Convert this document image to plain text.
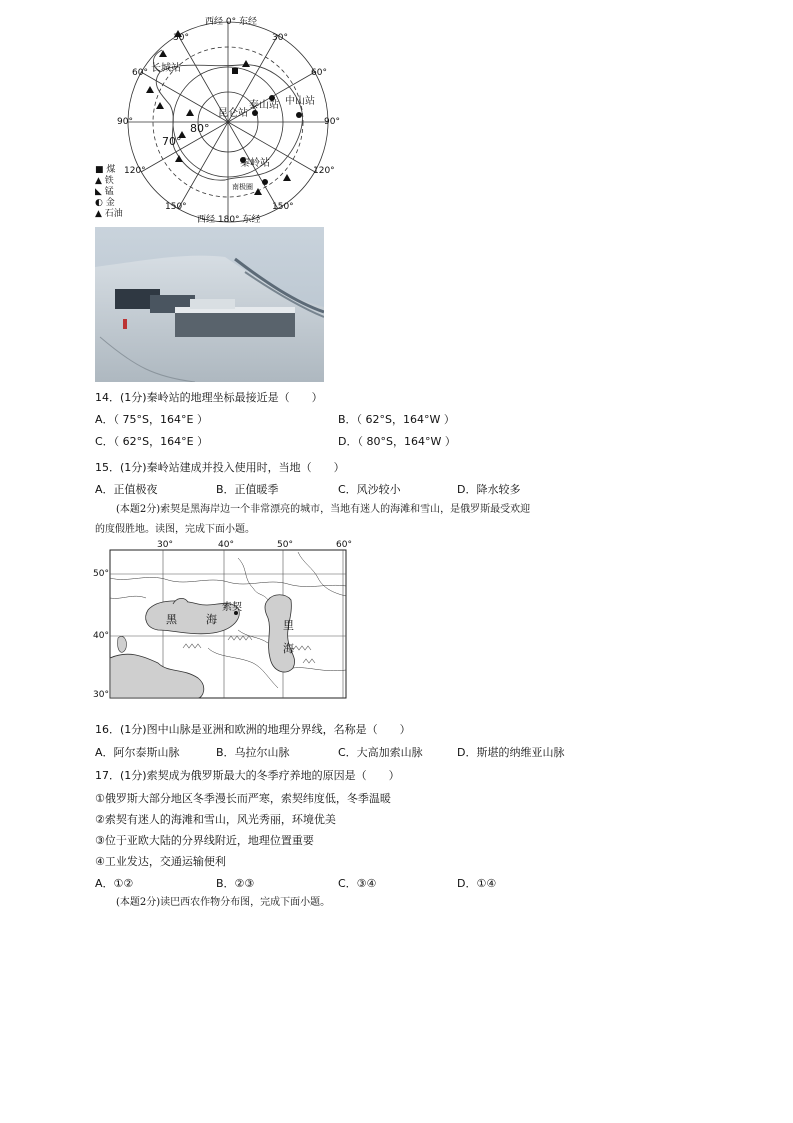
西经 0° 东经
西经 180° 东经
30°	30°
60°	60°
90°	90°
120°	120°
150°	150°
80°
70°
长城站
泰山站 中山站
昆仑站
秦岭站
南极圈
■ 煤
▲ 铁
◣ 锰
◐ 金
▲ 石油
14．(1分)秦岭站的地理坐标最接近是（　　）
A．（ 75°S，164°E ）	B．（ 62°S，164°W ）
C．（ 62°S，164°E ）	D．（ 80°S，164°W ）
15．(1分)秦岭站建成并投入使用时，当地（　　）
A．正值极夜	B．正值暖季	C．风沙较小	D．降水较多
(本题2分)索契是黑海岸边一个非常漂亮的城市，当地有迷人的海滩和雪山，是俄罗斯最受欢迎
的度假胜地。读图，完成下面小题。
30°	40°	50°	60°
50°
40°
30°
索契
黑	海	里
海
16．(1分)图中山脉是亚洲和欧洲的地理分界线，名称是（　　）
A．阿尔泰斯山脉	B．乌拉尔山脉	C．大高加索山脉	D．斯堪的纳维亚山脉
17．(1分)索契成为俄罗斯最大的冬季疗养地的原因是（　　）
①俄罗斯大部分地区冬季漫长而严寒，索契纬度低，冬季温暖
②索契有迷人的海滩和雪山，风光秀丽，环境优美
③位于亚欧大陆的分界线附近，地理位置重要
④工业发达，交通运输便利
A．①②	B．②③	C．③④	D．①④
(本题2分)读巴西农作物分布图，完成下面小题。
